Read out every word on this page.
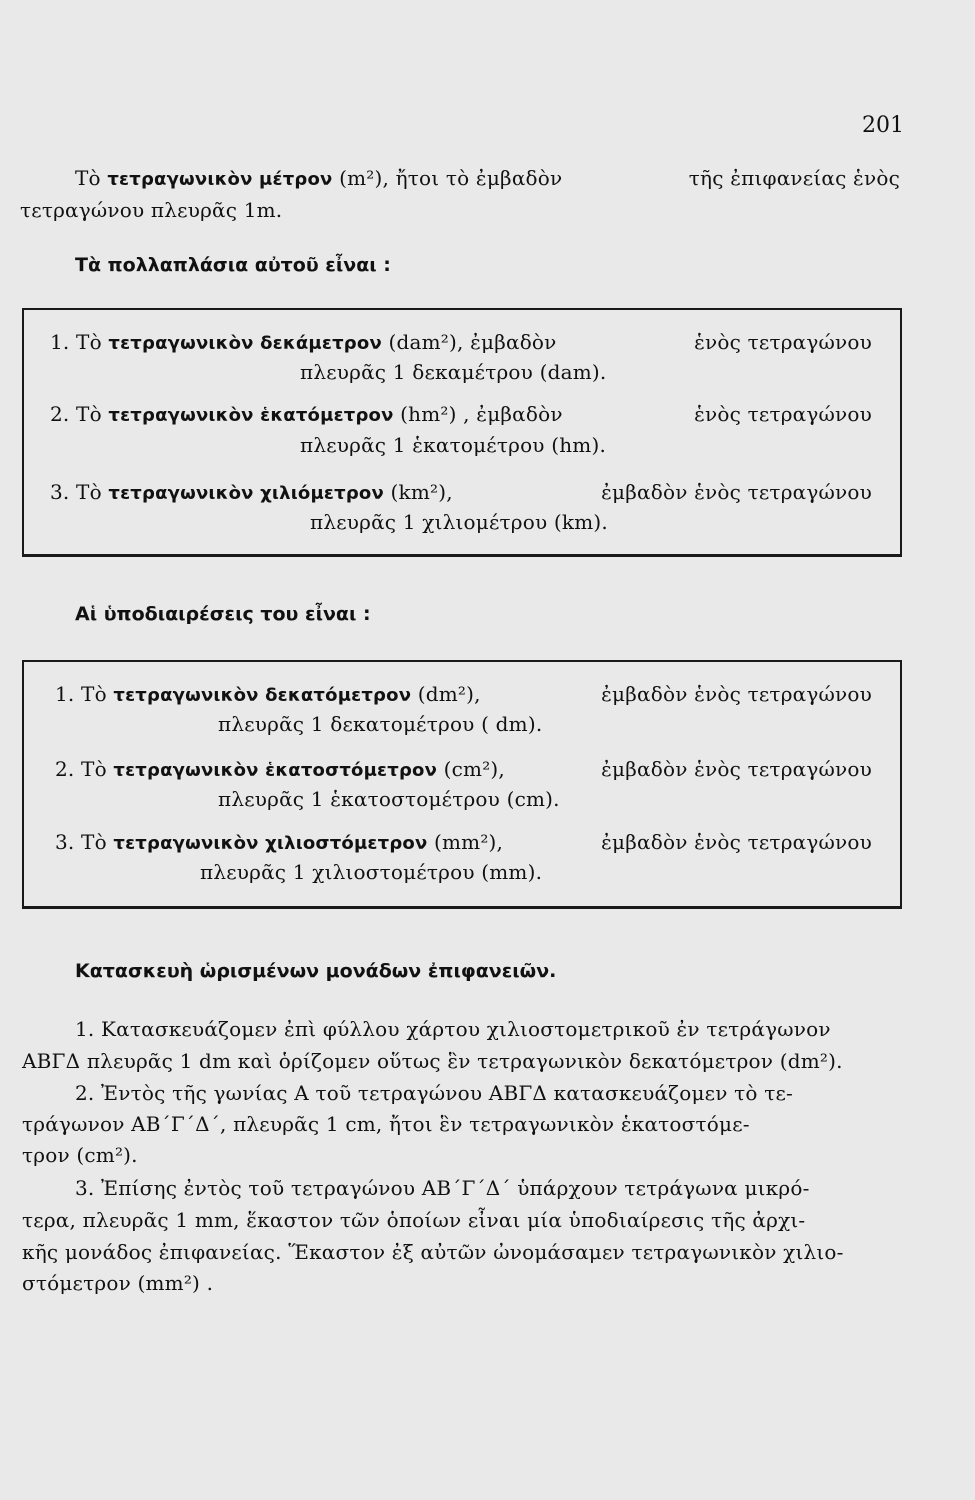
201
Τὸ τετραγωνικὸν μέτρον (m²), ἤτοι τὸ ἐμβαδὸν	τῆς ἐπιφανείας ἑνὸς
τετραγώνου πλευρᾶς 1m.
Τὰ πολλαπλάσια αὐτοῦ εἶναι :
1. Τὸ τετραγωνικὸν δεκάμετρον (dam²), ἐμβαδὸν	ἑνὸς τετραγώνου
πλευρᾶς 1 δεκαμέτρου (dam).
2. Τὸ τετραγωνικὸν ἑκατόμετρον (hm²) , ἐμβαδὸν	ἑνὸς τετραγώνου
πλευρᾶς 1 ἑκατομέτρου (hm).
3. Τὸ τετραγωνικὸν χιλιόμετρον (km²),	ἐμβαδὸν ἑνὸς τετραγώνου
πλευρᾶς 1 χιλιομέτρου (km).
Αἱ ὑποδιαιρέσεις του εἶναι :
1. Τὸ τετραγωνικὸν δεκατόμετρον (dm²),	ἐμβαδὸν ἑνὸς τετραγώνου
πλευρᾶς 1 δεκατομέτρου ( dm).
2. Τὸ τετραγωνικὸν ἑκατοστόμετρον (cm²),	ἐμβαδὸν ἑνὸς τετραγώνου
πλευρᾶς 1 ἑκατοστομέτρου (cm).
3. Τὸ τετραγωνικὸν χιλιοστόμετρον (mm²),	ἐμβαδὸν ἑνὸς τετραγώνου
πλευρᾶς 1 χιλιοστομέτρου (mm).
Κατασκευὴ ὡρισμένων μονάδων ἐπιφανειῶν.
1. Κατασκευάζομεν ἐπὶ φύλλου χάρτου χιλιοστομετρικοῦ ἐν τετράγωνον
ΑΒΓΔ πλευρᾶς 1 dm καὶ ὁρίζομεν οὕτως ἓν τετραγωνικὸν δεκατόμετρον (dm²).
2. Ἐντὸς τῆς γωνίας Α τοῦ τετραγώνου ΑΒΓΔ κατασκευάζομεν τὸ τε-
τράγωνον ΑΒ΄Γ΄Δ΄, πλευρᾶς 1 cm, ἤτοι ἓν τετραγωνικὸν ἑκατοστόμε-
τρον (cm²).
3. Ἐπίσης ἐντὸς τοῦ τετραγώνου ΑΒ΄Γ΄Δ΄ ὑπάρχουν τετράγωνα μικρό-
τερα, πλευρᾶς 1 mm, ἕκαστον τῶν ὁποίων εἶναι μία ὑποδιαίρεσις τῆς ἀρχι-
κῆς μονάδος ἐπιφανείας. Ἕκαστον ἐξ αὐτῶν ὠνομάσαμεν τετραγωνικὸν χιλιο-
στόμετρον (mm²) .
